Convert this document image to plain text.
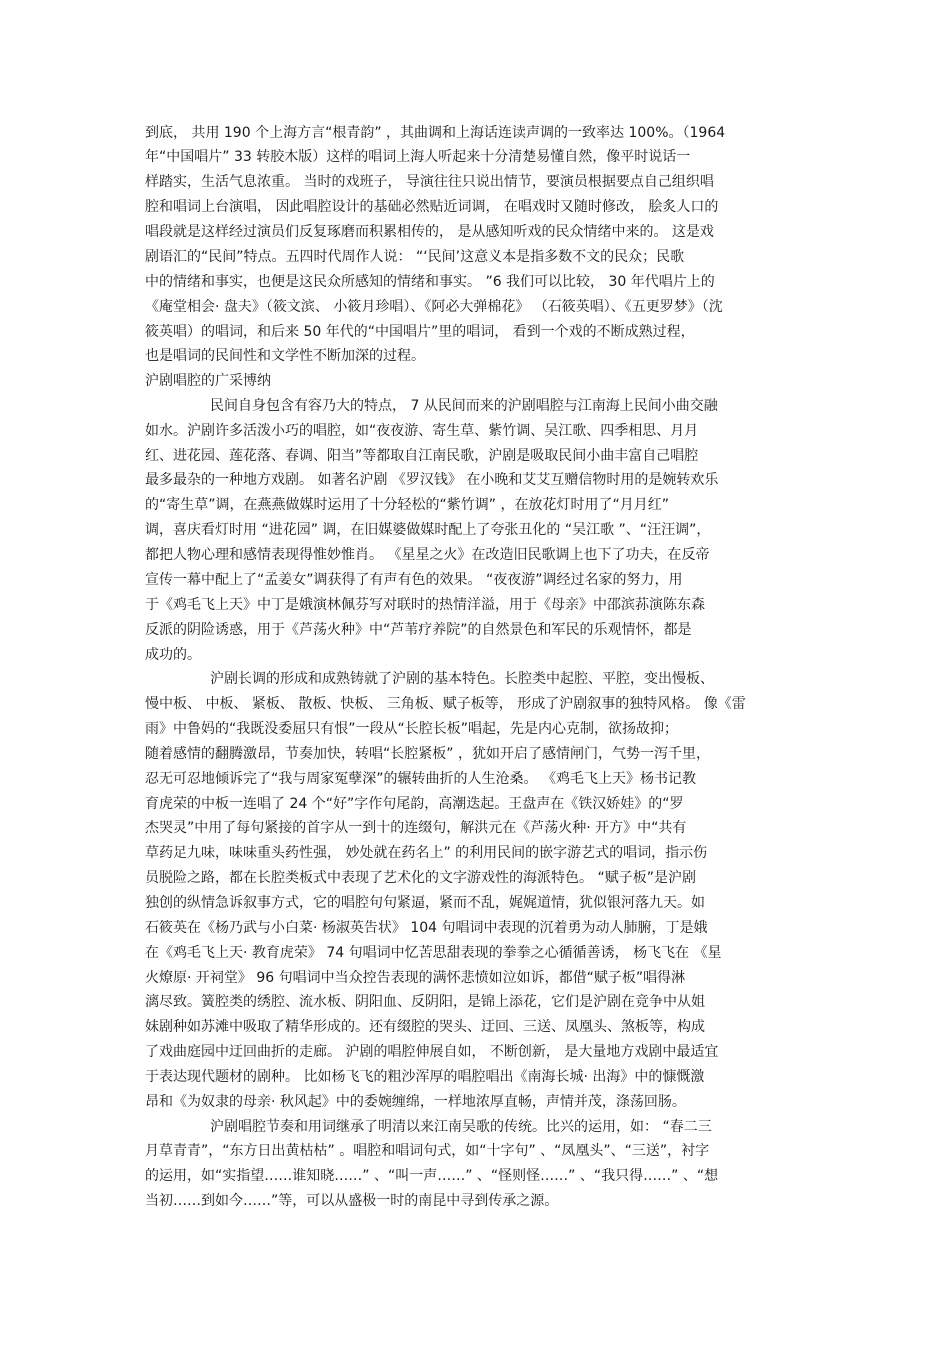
到底， 共用 190 个上海方言“根青韵” ，其曲调和上海话连读声调的一致率达 100%。（1964
年“中国唱片” 33 转胶木版）这样的唱词上海人听起来十分清楚易懂自然，像平时说话一
样踏实，生活气息浓重。 当时的戏班子， 导演往往只说出情节，要演员根据要点自己组织唱
腔和唱词上台演唱， 因此唱腔设计的基础必然贴近词调， 在唱戏时又随时修改， 脍炙人口的
唱段就是这样经过演员们反复琢磨而积累相传的， 是从感知听戏的民众情绪中来的。 这是戏
剧语汇的“民间”特点。五四时代周作人说： “‘民间’这意义本是指多数不文的民众；民歌
中的情绪和事实，也便是这民众所感知的情绪和事实。 ”6 我们可以比较， 30 年代唱片上的
《庵堂相会· 盘夫》（筱文滨、 小筱月珍唱）、《阿必大弹棉花》 （石筱英唱）、《五更罗梦》（沈
筱英唱）的唱词，和后来 50 年代的“中国唱片”里的唱词， 看到一个戏的不断成熟过程，
也是唱词的民间性和文学性不断加深的过程。
沪剧唱腔的广采博纳
民间自身包含有容乃大的特点， 7 从民间而来的沪剧唱腔与江南海上民间小曲交融
如水。沪剧许多活泼小巧的唱腔，如“夜夜游、寄生草、紫竹调、吴江歌、四季相思、月月
红、进花园、莲花落、春调、阳当”等都取自江南民歌，沪剧是吸取民间小曲丰富自己唱腔
最多最杂的一种地方戏剧。 如著名沪剧 《罗汉钱》 在小晚和艾艾互赠信物时用的是婉转欢乐
的“寄生草”调，在燕燕做媒时运用了十分轻松的“紫竹调” ，在放花灯时用了“月月红”
调，喜庆看灯时用 “进花园” 调，在旧媒婆做媒时配上了夸张丑化的 “吴江歌 ”、“汪汪调”，
都把人物心理和感情表现得惟妙惟肖。 《星星之火》在改造旧民歌调上也下了功夫，在反帝
宣传一幕中配上了“孟姜女”调获得了有声有色的效果。 “夜夜游”调经过名家的努力，用
于《鸡毛飞上天》中丁是娥演林佩芬写对联时的热情洋溢，用于《母亲》中邵滨荪演陈东森
反派的阴险诱惑，用于《芦荡火种》中“芦苇疗养院”的自然景色和军民的乐观情怀，都是
成功的。
沪剧长调的形成和成熟铸就了沪剧的基本特色。长腔类中起腔、平腔，变出慢板、
慢中板、 中板、 紧板、 散板、快板、 三角板、赋子板等， 形成了沪剧叙事的独特风格。 像《雷
雨》中鲁妈的“我既没委屈只有恨”一段从“长腔长板”唱起，先是内心克制，欲扬故抑；
随着感情的翻腾激昂，节奏加快，转唱“长腔紧板” ，犹如开启了感情闸门，气势一泻千里，
忍无可忍地倾诉完了“我与周家冤孽深”的辗转曲折的人生沧桑。 《鸡毛飞上天》杨书记教
育虎荣的中板一连唱了 24 个“好”字作句尾韵，高潮迭起。王盘声在《铁汉娇娃》的“罗
杰哭灵”中用了每句紧接的首字从一到十的连缀句，解洪元在《芦荡火种· 开方》中“共有
草药足九味，味味重头药性强， 妙处就在药名上” 的利用民间的嵌字游艺式的唱词，指示伤
员脱险之路，都在长腔类板式中表现了艺术化的文字游戏性的海派特色。 “赋子板”是沪剧
独创的纵情急诉叙事方式，它的唱腔句句紧逼，紧而不乱，娓娓道情，犹似银河落九天。如
石筱英在《杨乃武与小白菜· 杨淑英告状》 104 句唱词中表现的沉着勇为动人肺腑，丁是娥
在《鸡毛飞上天· 教育虎荣》 74 句唱词中忆苦思甜表现的拳拳之心循循善诱， 杨飞飞在 《星
火燎原· 开祠堂》 96 句唱词中当众控告表现的满怀悲愤如泣如诉，都借“赋子板”唱得淋
漓尽致。簧腔类的绣腔、流水板、阴阳血、反阴阳，是锦上添花，它们是沪剧在竞争中从姐
妹剧种如苏滩中吸取了精华形成的。还有缀腔的哭头、迂回、三送、凤凰头、煞板等，构成
了戏曲庭园中迂回曲折的走廊。 沪剧的唱腔伸展自如， 不断创新， 是大量地方戏剧中最适宜
于表达现代题材的剧种。 比如杨飞飞的粗沙浑厚的唱腔唱出《南海长城· 出海》中的慷慨激
昂和《为奴隶的母亲· 秋风起》中的委婉缠绵，一样地浓厚直畅，声情并茂，涤荡回肠。
沪剧唱腔节奏和用词继承了明清以来江南吴歌的传统。比兴的运用，如： “春二三
月草青青”，“东方日出黄枯枯” 。唱腔和唱词句式，如“十字句” 、“凤凰头”、“三送”，衬字
的运用，如“实指望……谁知晓……” 、“叫一声……” 、“怪则怪……” 、“我只得……” 、“想
当初……到如今……”等，可以从盛极一时的南昆中寻到传承之源。
